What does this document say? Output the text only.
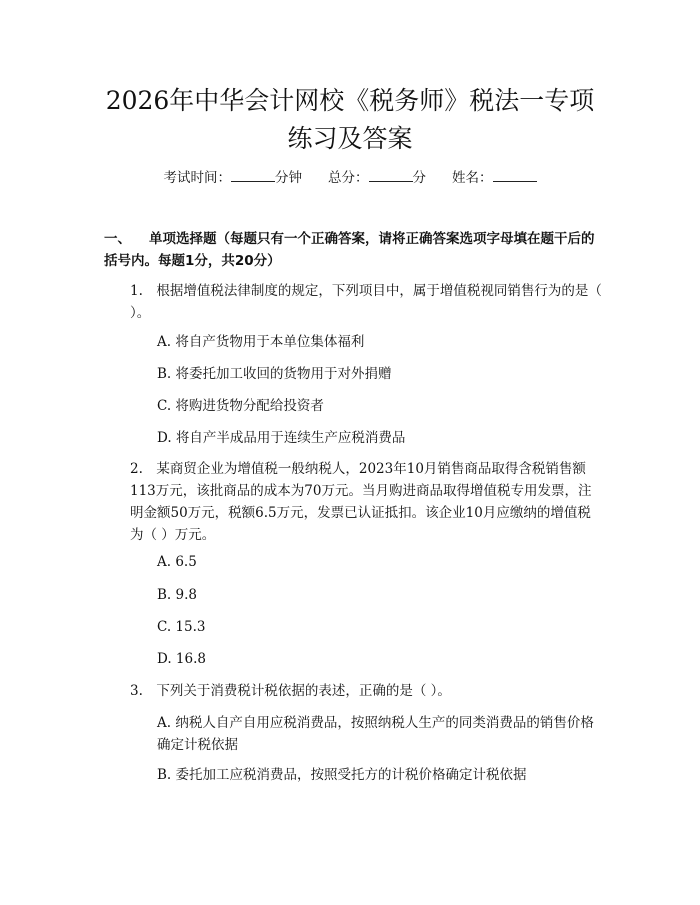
2026年中华会计网校《税务师》税法一专项
练习及答案
考试时间：	分钟 总分：	分 姓名：
一、 单项选择题（每题只有一个正确答案，请将正确答案选项字母填在题干后的括号内。每题1分，共20分）
1.　根据增值税法律制度的规定，下列项目中，属于增值税视同销售行为的是（ ）。
A. 将自产货物用于本单位集体福利
B. 将委托加工收回的货物用于对外捐赠
C. 将购进货物分配给投资者
D. 将自产半成品用于连续生产应税消费品
2.　某商贸企业为增值税一般纳税人，2023年10月销售商品取得含税销售额113万元，该批商品的成本为70万元。当月购进商品取得增值税专用发票，注明金额50万元，税额6.5万元，发票已认证抵扣。该企业10月应缴纳的增值税为（ ）万元。
A. 6.5
B. 9.8
C. 15.3
D. 16.8
3.　下列关于消费税计税依据的表述，正确的是（ ）。
A. 纳税人自产自用应税消费品，按照纳税人生产的同类消费品的销售价格确定计税依据
B. 委托加工应税消费品，按照受托方的计税价格确定计税依据
